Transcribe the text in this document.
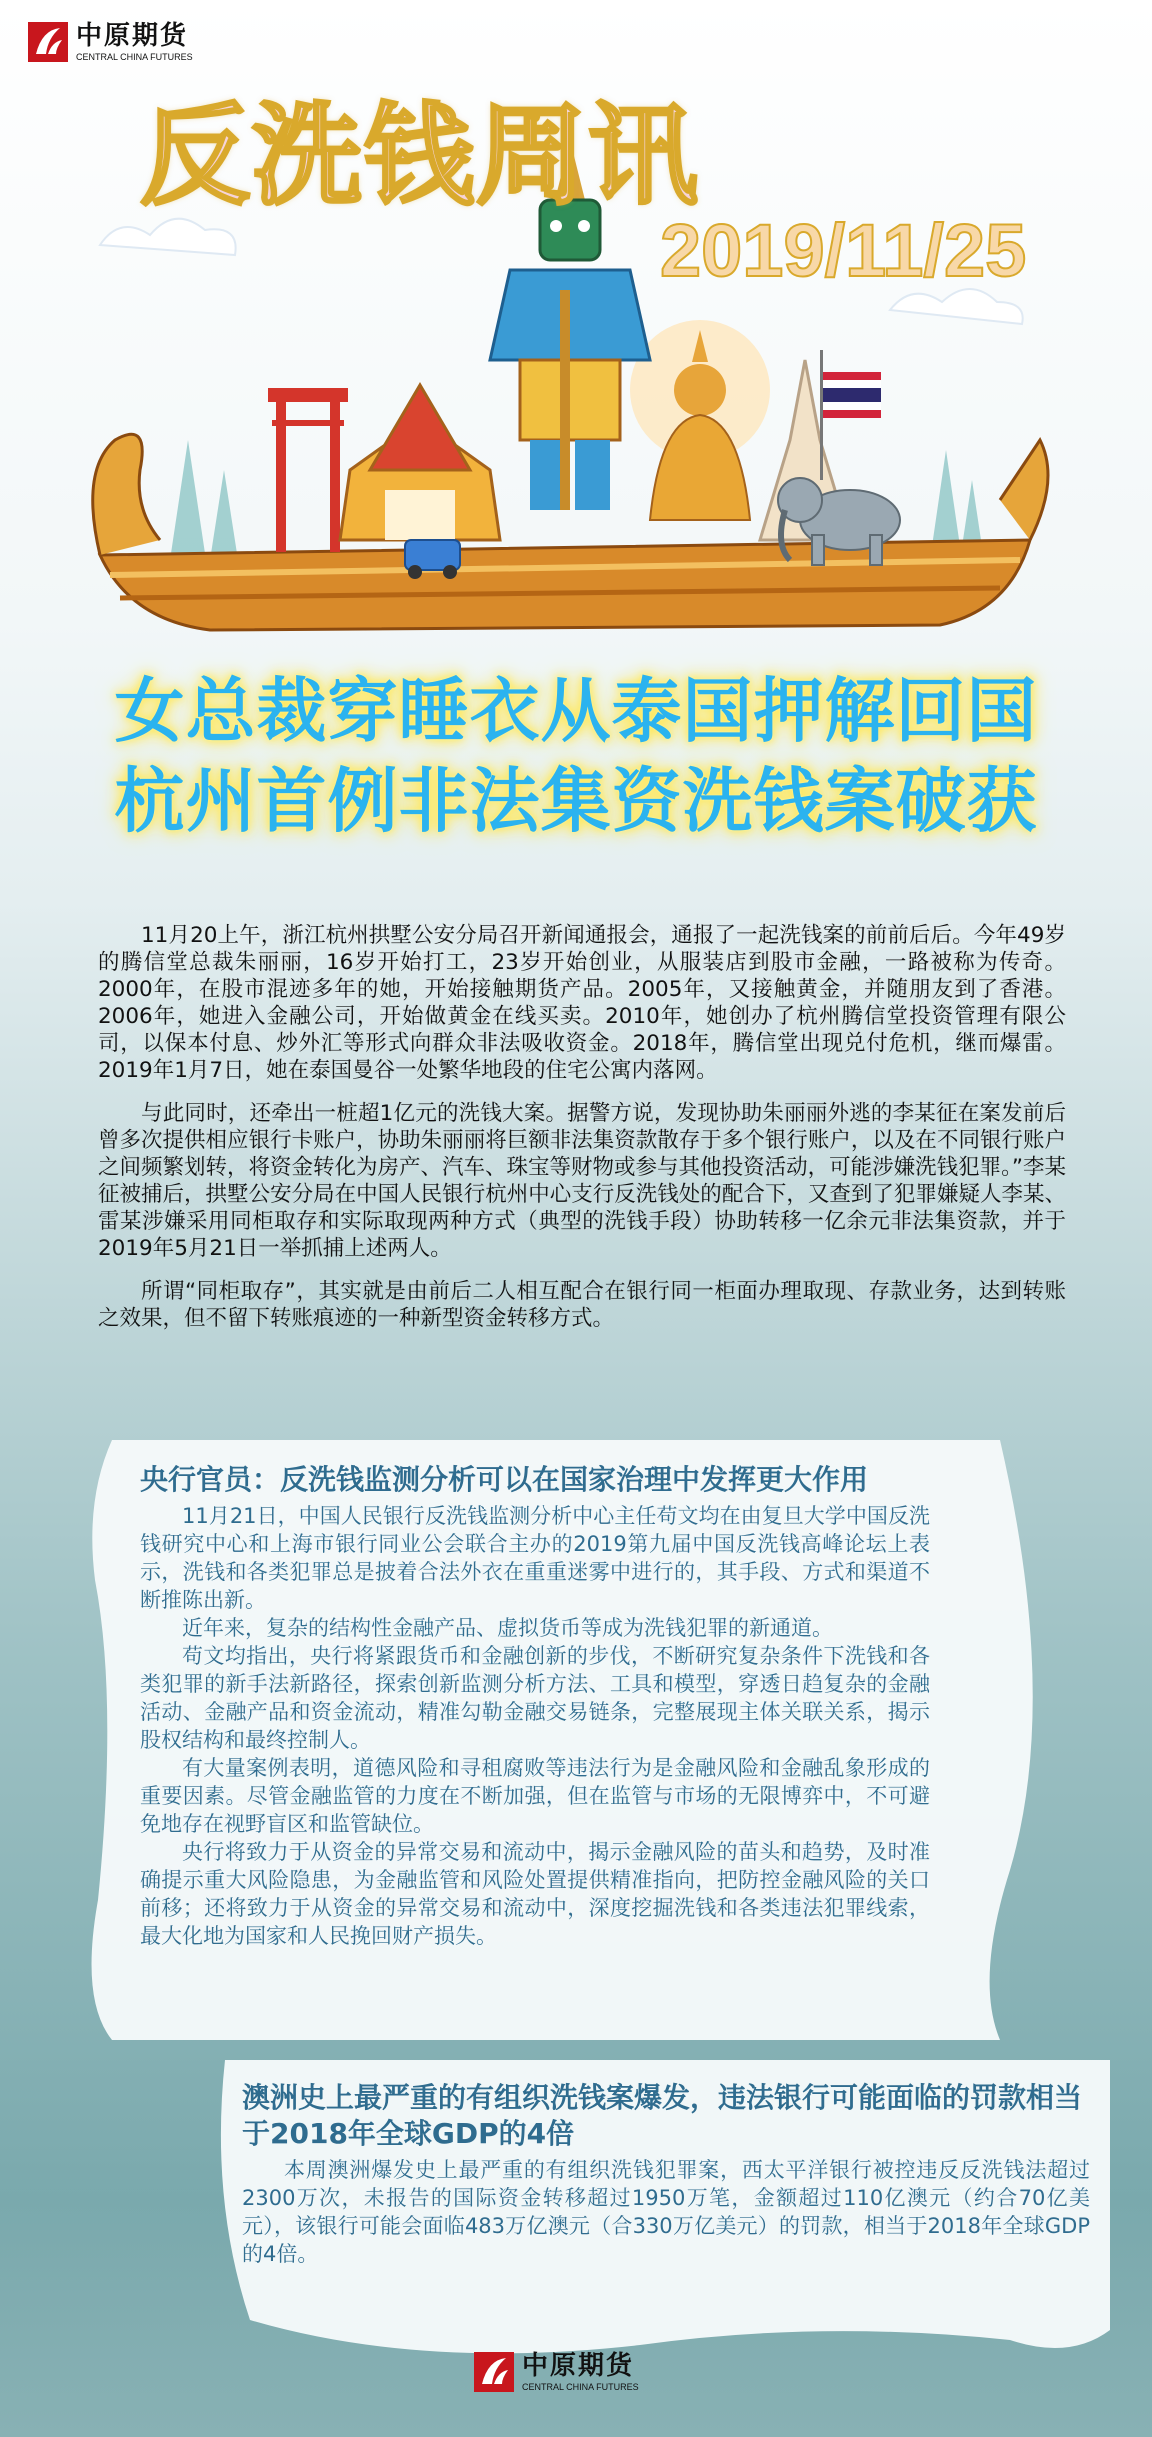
中原期货
CENTRAL CHINA FUTURES
反洗钱周讯
2019/11/25
女总裁穿睡衣从泰国押解回国
杭州首例非法集资洗钱案破获

11月20上午，浙江杭州拱墅公安分局召开新闻通报会，通报了一起洗钱案的前前后后。今年49岁的腾信堂总裁朱丽丽，16岁开始打工，23岁开始创业，从服装店到股市金融，一路被称为传奇。2000年，在股市混迹多年的她，开始接触期货产品。2005年，又接触黄金，并随朋友到了香港。2006年，她进入金融公司，开始做黄金在线买卖。2010年，她创办了杭州腾信堂投资管理有限公司，以保本付息、炒外汇等形式向群众非法吸收资金。2018年，腾信堂出现兑付危机，继而爆雷。2019年1月7日，她在泰国曼谷一处繁华地段的住宅公寓内落网。

与此同时，还牵出一桩超1亿元的洗钱大案。据警方说，发现协助朱丽丽外逃的李某征在案发前后曾多次提供相应银行卡账户，协助朱丽丽将巨额非法集资款散存于多个银行账户，以及在不同银行账户之间频繁划转，将资金转化为房产、汽车、珠宝等财物或参与其他投资活动，可能涉嫌洗钱犯罪。”李某征被捕后，拱墅公安分局在中国人民银行杭州中心支行反洗钱处的配合下，又查到了犯罪嫌疑人李某、雷某涉嫌采用同柜取存和实际取现两种方式（典型的洗钱手段）协助转移一亿余元非法集资款，并于2019年5月21日一举抓捕上述两人。

所谓“同柜取存”，其实就是由前后二人相互配合在银行同一柜面办理取现、存款业务，达到转账之效果，但不留下转账痕迹的一种新型资金转移方式。

央行官员：反洗钱监测分析可以在国家治理中发挥更大作用

11月21日，中国人民银行反洗钱监测分析中心主任苟文均在由复旦大学中国反洗钱研究中心和上海市银行同业公会联合主办的2019第九届中国反洗钱高峰论坛上表示，洗钱和各类犯罪总是披着合法外衣在重重迷雾中进行的，其手段、方式和渠道不断推陈出新。

近年来，复杂的结构性金融产品、虚拟货币等成为洗钱犯罪的新通道。

苟文均指出，央行将紧跟货币和金融创新的步伐，不断研究复杂条件下洗钱和各类犯罪的新手法新路径，探索创新监测分析方法、工具和模型，穿透日趋复杂的金融活动、金融产品和资金流动，精准勾勒金融交易链条，完整展现主体关联关系，揭示股权结构和最终控制人。

有大量案例表明，道德风险和寻租腐败等违法行为是金融风险和金融乱象形成的重要因素。尽管金融监管的力度在不断加强，但在监管与市场的无限博弈中，不可避免地存在视野盲区和监管缺位。

央行将致力于从资金的异常交易和流动中，揭示金融风险的苗头和趋势，及时准确提示重大风险隐患，为金融监管和风险处置提供精准指向，把防控金融风险的关口前移；还将致力于从资金的异常交易和流动中，深度挖掘洗钱和各类违法犯罪线索，最大化地为国家和人民挽回财产损失。

澳洲史上最严重的有组织洗钱案爆发，违法银行可能面临的罚款相当于2018年全球GDP的4倍

本周澳洲爆发史上最严重的有组织洗钱犯罪案，西太平洋银行被控违反反洗钱法超过2300万次，未报告的国际资金转移超过1950万笔，金额超过110亿澳元（约合70亿美元），该银行可能会面临483万亿澳元（合330万亿美元）的罚款，相当于2018年全球GDP的4倍。

中原期货
CENTRAL CHINA FUTURES
